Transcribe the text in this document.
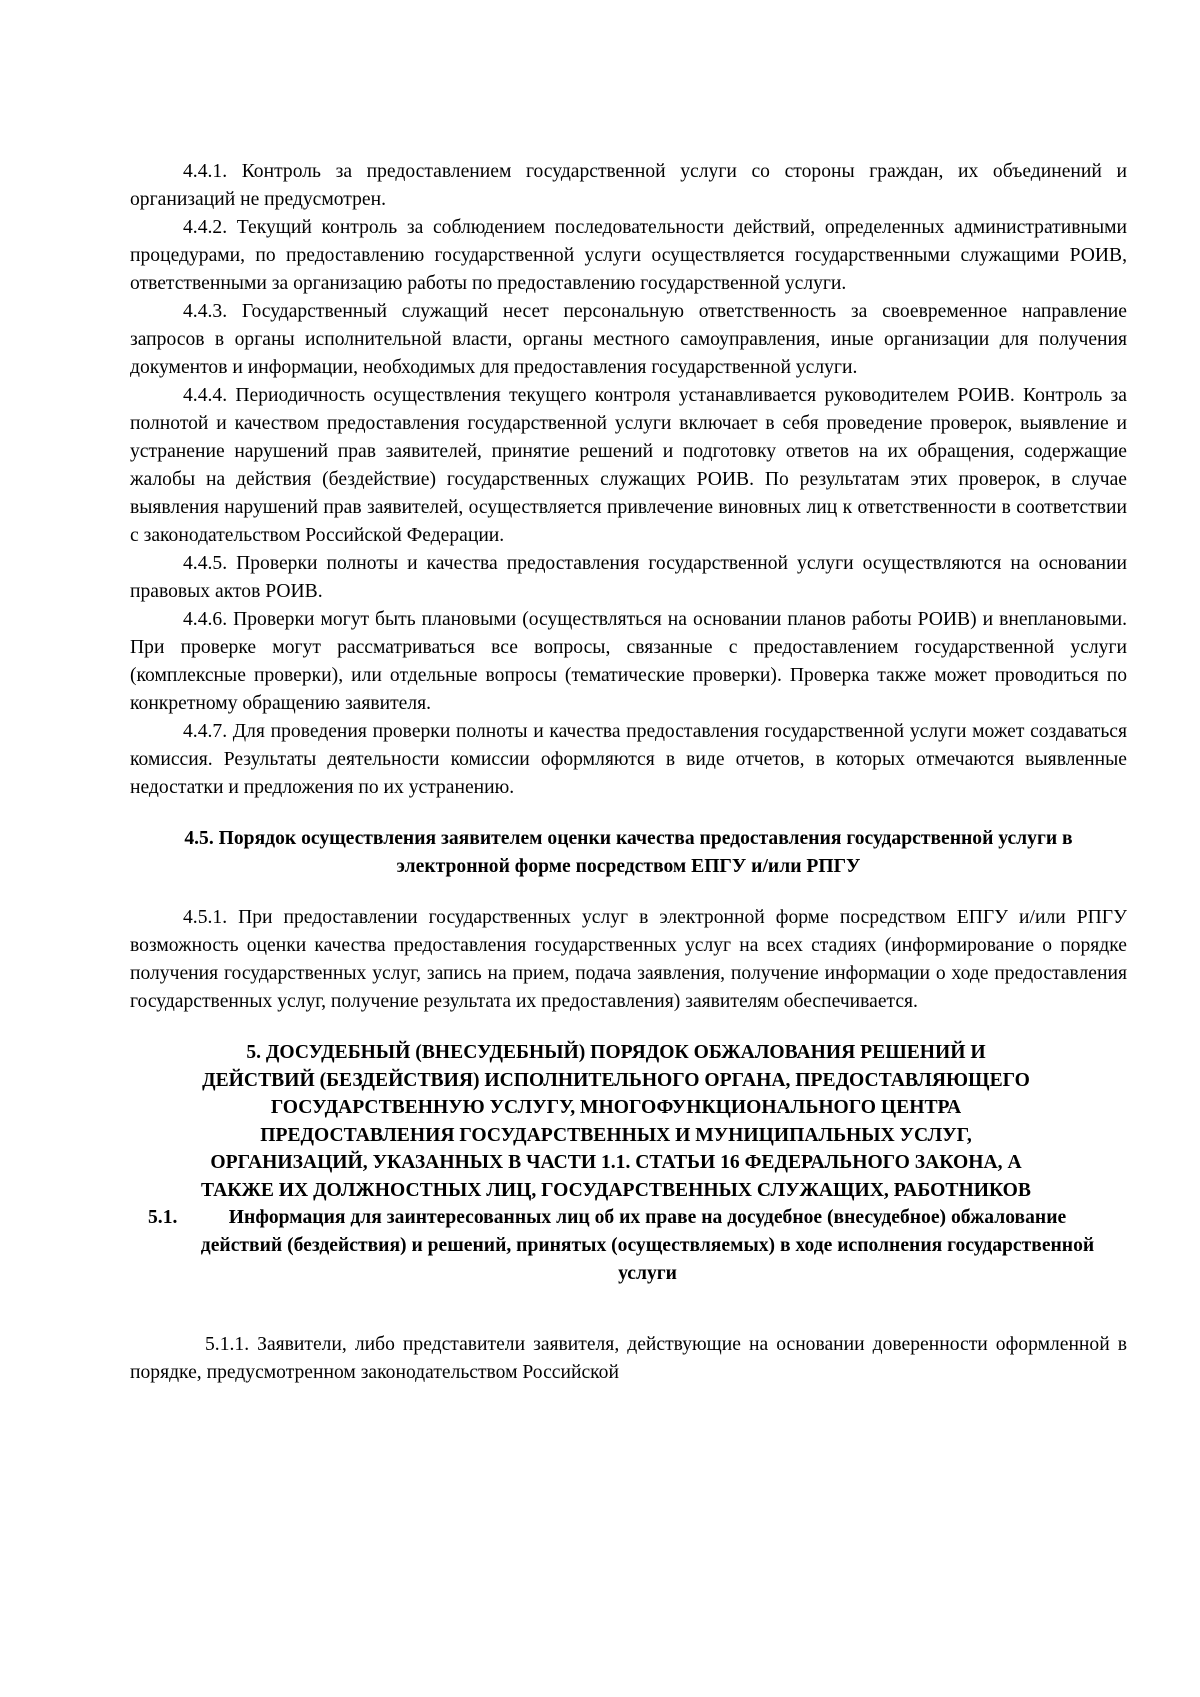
4.4.1. Контроль за предоставлением государственной услуги со стороны граждан, их объединений и организаций не предусмотрен.

4.4.2. Текущий контроль за соблюдением последовательности действий, определенных административными процедурами, по предоставлению государственной услуги осуществляется государственными служащими РОИВ, ответственными за организацию работы по предоставлению государственной услуги.

4.4.3. Государственный служащий несет персональную ответственность за своевременное направление запросов в органы исполнительной власти, органы местного самоуправления, иные организации для получения документов и информации, необходимых для предоставления государственной услуги.

4.4.4. Периодичность осуществления текущего контроля устанавливается руководителем РОИВ. Контроль за полнотой и качеством предоставления государственной услуги включает в себя проведение проверок, выявление и устранение нарушений прав заявителей, принятие решений и подготовку ответов на их обращения, содержащие жалобы на действия (бездействие) государственных служащих РОИВ. По результатам этих проверок, в случае выявления нарушений прав заявителей, осуществляется привлечение виновных лиц к ответственности в соответствии с законодательством Российской Федерации.

4.4.5. Проверки полноты и качества предоставления государственной услуги осуществляются на основании правовых актов РОИВ.

4.4.6. Проверки могут быть плановыми (осуществляться на основании планов работы РОИВ) и внеплановыми. При проверке могут рассматриваться все вопросы, связанные с предоставлением государственной услуги (комплексные проверки), или отдельные вопросы (тематические проверки). Проверка также может проводиться по конкретному обращению заявителя.

4.4.7. Для проведения проверки полноты и качества предоставления государственной услуги может создаваться комиссия. Результаты деятельности комиссии оформляются в виде отчетов, в которых отмечаются выявленные недостатки и предложения по их устранению.

4.5. Порядок осуществления заявителем оценки качества предоставления государственной услуги в электронной форме посредством ЕПГУ и/или РПГУ

4.5.1. При предоставлении государственных услуг в электронной форме посредством ЕПГУ и/или РПГУ возможность оценки качества предоставления государственных услуг на всех стадиях (информирование о порядке получения государственных услуг, запись на прием, подача заявления, получение информации о ходе предоставления государственных услуг, получение результата их предоставления) заявителям обеспечивается.

5. ДОСУДЕБНЫЙ (ВНЕСУДЕБНЫЙ) ПОРЯДОК ОБЖАЛОВАНИЯ РЕШЕНИЙ И ДЕЙСТВИЙ (БЕЗДЕЙСТВИЯ) ИСПОЛНИТЕЛЬНОГО ОРГАНА, ПРЕДОСТАВЛЯЮЩЕГО ГОСУДАРСТВЕННУЮ УСЛУГУ, МНОГОФУНКЦИОНАЛЬНОГО ЦЕНТРА ПРЕДОСТАВЛЕНИЯ ГОСУДАРСТВЕННЫХ И МУНИЦИПАЛЬНЫХ УСЛУГ, ОРГАНИЗАЦИЙ, УКАЗАННЫХ В ЧАСТИ 1.1. СТАТЬИ 16 ФЕДЕРАЛЬНОГО ЗАКОНА, А ТАКЖЕ ИХ ДОЛЖНОСТНЫХ ЛИЦ, ГОСУДАРСТВЕННЫХ СЛУЖАЩИХ, РАБОТНИКОВ

5.1.	Информация для заинтересованных лиц об их праве на досудебное (внесудебное) обжалование действий (бездействия) и решений, принятых (осуществляемых) в ходе исполнения государственной услуги

5.1.1. Заявители, либо представители заявителя, действующие на основании доверенности оформленной в порядке, предусмотренном законодательством Российской
